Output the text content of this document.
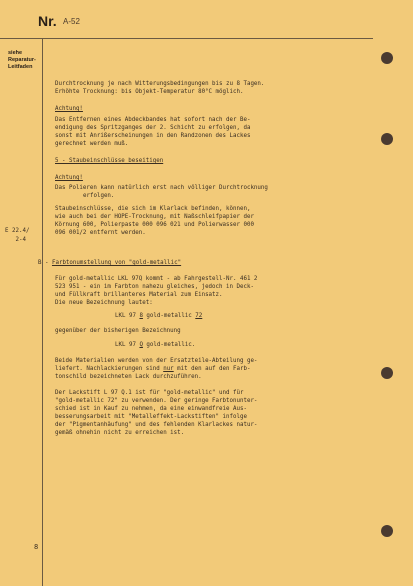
Nr. A-52
siehe
Reparatur-
Leitfaden
E 22.4/
2-4
Durchtrocknung je nach Witterungsbedingungen bis zu 8 Tagen.
Erhöhte Trocknung: bis Objekt-Temperatur 80°C möglich.
Achtung!
Das Entfernen eines Abdeckbandes hat sofort nach der Be-
endigung des Spritzganges der 2. Schicht zu erfolgen, da
sonst mit Anrißerscheinungen in den Randzonen des Lackes
gerechnet werden muß.
5 - Staubeinschlüsse beseitigen
Achtung!
Das Polieren kann natürlich erst nach völliger Durchtrocknung
erfolgen.
Staubeinschlüsse, die sich im Klarlack befinden, können,
wie auch bei der HOPE-Trocknung, mit Naßschleifpapier der
Körnung 600, Polierpaste 000 096 021 und Polierwasser 000
096 001/2 entfernt werden.
B - Farbtonumstellung von "gold-metallic"
Für gold-metallic LKL 97Q kommt - ab Fahrgestell-Nr. 461 2
523 951 - ein im Farbton nahezu gleiches, jedoch in Deck-
und Füllkraft brillanteres Material zum Einsatz.
Die neue Bezeichnung lautet:
LKL 97 8 gold-metallic 72
gegenüber der bisherigen Bezeichnung
LKL 97 Q gold-metallic.
Beide Materialien werden von der Ersatzteile-Abteilung ge-
liefert. Nachlackierungen sind nur mit den auf den Farb-
tonschild bezeichneten Lack durchzuführen.
Der Lackstift L 97 Q.1 ist für "gold-metallic" und für
"gold-metallic 72" zu verwenden. Der geringe Farbtonunter-
schied ist in Kauf zu nehmen, da eine einwandfreie Aus-
besserungsarbeit mit "Metalleffekt-Lackstiften" infolge
der "Pigmentanhäufung" und des fehlenden Klarlackes natur-
gemäß ohnehin nicht zu erreichen ist.
8
